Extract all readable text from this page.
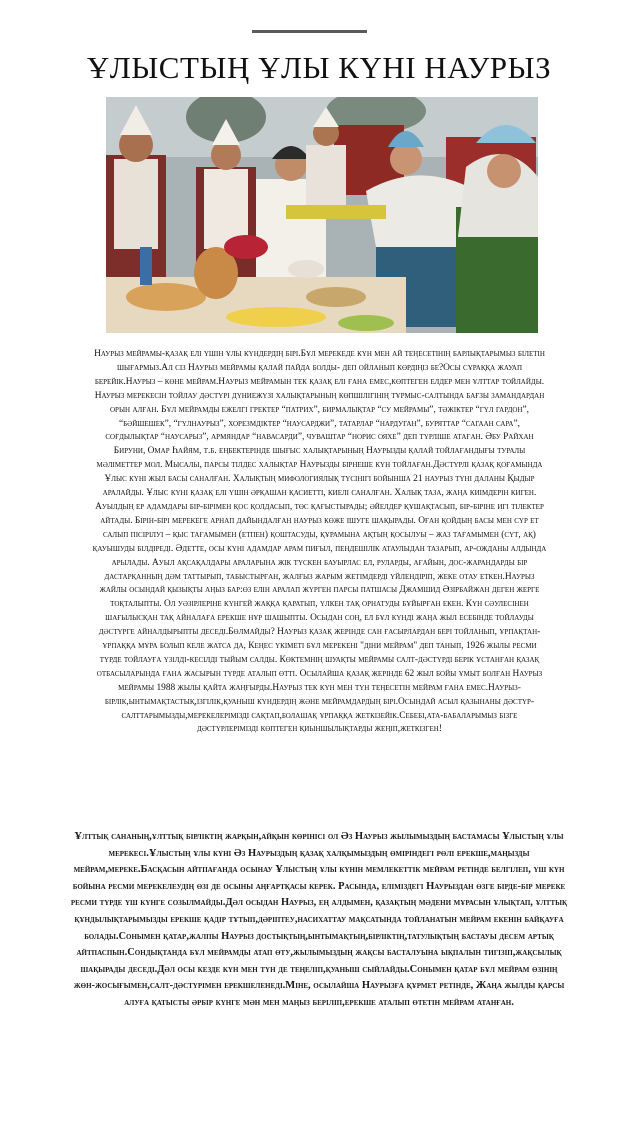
ҰЛЫСТЫҢ ҰЛЫ КҮНІ НАУРЫЗ

Наурыз мейрамы-қазақ елі үшін ұлы күндердің бірі.Бұл мерекеде күн мен ай теңесетінің барлықтарымыз білетін шығармыз.Ал сіз Наурыз мейрамы қалай пайда болды- деп ойланып көрдіңіз бе?Осы сұраққа жауап берейік.Наурыз – көне мейрам.Наурыз мейрамын тек қазақ елі ғана емес,көптеген елдер мен ұлттар тойлайды. Наурыз мерекесін тойлау дәстүрі дүниежүзі халықтарының көпшілігінің тұрмыс-салтында бағзы замандардан орын алған. Бұл мейрамды ежелгі гректер “патрих”, бирмалықтар “су мейрамы”, тәжіктер “гүл гардон”, “бәйшешек”, “гүлнаурыз”, хорезмдіктер “наусарджи”, татарлар “нардуган”, буряттар “сагаан сара”, соғдылықтар “наусарыз”, армяндар “навасарди”, чуваштар “норис ояхе” деп түрліше атаған. Әбу Райхан Бируни, Омар Һайям, т.б. еңбектерінде шығыс халықтарының Наурызды қалай тойлағандығы туралы мәліметтер мол. Мысалы, парсы тілдес халықтар Наурызды бірнеше күн тойлаған.Дәстүрлі қазақ қоғамында Ұлыс күні жыл басы саналған. Халықтың мифологиялық түсінігі бойынша 21 наурыз түні даланы Қыдыр аралайды. Ұлыс күні қазақ елі үшін әрқашан қасиетті, киелі саналған. Халық таза, жаңа киімдерін киген. Ауылдың ер адамдары бір-бірімен қос қолдасып, төс қағыстырады; әйелдер құшақтасып, бір-біріне игі тілектер айтады. Бірін-бірі мерекеге арнап дайындалған наурыз көже ішуге шақырады. Оған қойдың басы мен сүр ет салып пісірілуі – қыс тағамымен (етпен) қоштасуды, құрамына ақтың қосылуы – жаз тағамымен (сүт, ақ) қауышуды білдіреді. Әдетте, осы күні адамдар арам пиғыл, пендешілік атаулыдан тазарып, ар-ожданы алдында арылады. Ауыл ақсақалдары араларына жік түскен бауырлас ел, руларды, ағайын, дос-жарандарды бір дастарқанның дәм таттырып, табыстырған, жалғыз жарым жетімдерді үйлендіріп, жеке отау еткен.Наурыз жайлы осындай қызықты аңыз бар:өз елін аралап жүрген парсы патшасы Джамшид Әзірбайжан деген жерге тоқталыпты. Ол уәзірлеріне күнгей жаққа қаратып, үлкен тақ орнатуды бұйырған екен. Күн сәулесінен шағылысқан тақ айналаға ерекше нұр шашыпты. Осыдан соң, ел бұл күнді жаңа жыл есебінде тойлауды дәстүрге айналдырыпты деседі.Бөлмайды? Наурыз қазақ жерінде сан ғасырлардан бері тойланып, ұрпақтан-ұрпаққа мұра болып келе жатса да, Кеңес үкіметі бұл мерекені "діни мейрам" деп танып, 1926 жылы ресми түрде тойлауға үзілді-кесілді тыйым салды. Көктемнің шуақты мейрамы салт-дәстүрді берік ұстанған қазақ отбасыларында ғана жасырын түрде аталып өтті. Осылайша қазақ жерінде 62 жыл бойы ұмыт болған Наурыз мейрамы 1988 жылы қайта жаңғырды.Наурыз тек күн мен түн теңесетін мейрам ғана емес.Наурыз-бірлік,ынтымақтастық,ізгілік,қуаныш күндердің және мейрамдардың бірі.Осындай асыл қазынаны дәстүр-салттарымызды,мерекелерімізді сақтап,болашақ ұрпаққа жеткізейік.Себебі,ата-бабаларымыз бізге дәстүрлерімізді көптеген қиыншылықтарды жеңіп,жеткізген!

Ұлттық сананың,ұлттық бірліктің жарқын,айқын көрінісі ол Әз Наурыз жылымыздың бастамасы Ұлыстың ұлы мерекесі.Ұлыстың ұлы күні Әз Наурыздың қазақ халқымыздың өміріндегі рөлі ерекше,маңызды мейрам,мереке.Басқасын айтпағанда осынау Ұлыстың ұлы күнін мемлекеттік мейрам ретінде белгілеп, үш күн бойына ресми мерекелеудің өзі де осыны аңғартқасы керек. Расында, еліміздегі Наурыздан өзге бірде-бір мереке ресми түрде үш күнге созылмайды.Дәл осыдан Наурыз, ең алдымен, қазақтың мәдени мұрасын ұлықтап, ұлттық құндылықтарымызды ерекше қадір тұтып,дәріптеу,насихаттау мақсатында тойланатын мейрам екенін байқауға болады.Сонымен қатар,жалпы Наурыз достықтың,ынтымақтың,бірліктің,татулықтың бастауы десем артық айтпаспын.Сондықтанда бұл мейрамды атап өту,жылымыздың жақсы басталуына ықпалын тигізіп,жақсылық шақырады деседі.Дәл осы кезде күн мен түн де теңеліп,қуаныш сыйлайды.Сонымен қатар бұл мейрам өзінің жөн-жосығымен,салт-дәстүрімен ерекшеленеді.Міне, осылайша Наурызға құрмет ретінде, Жаңа жылды қарсы алуға қатысты әрбір күнге мән мен маңыз беріліп,ерекше аталып өтетін мейрам атанған.
